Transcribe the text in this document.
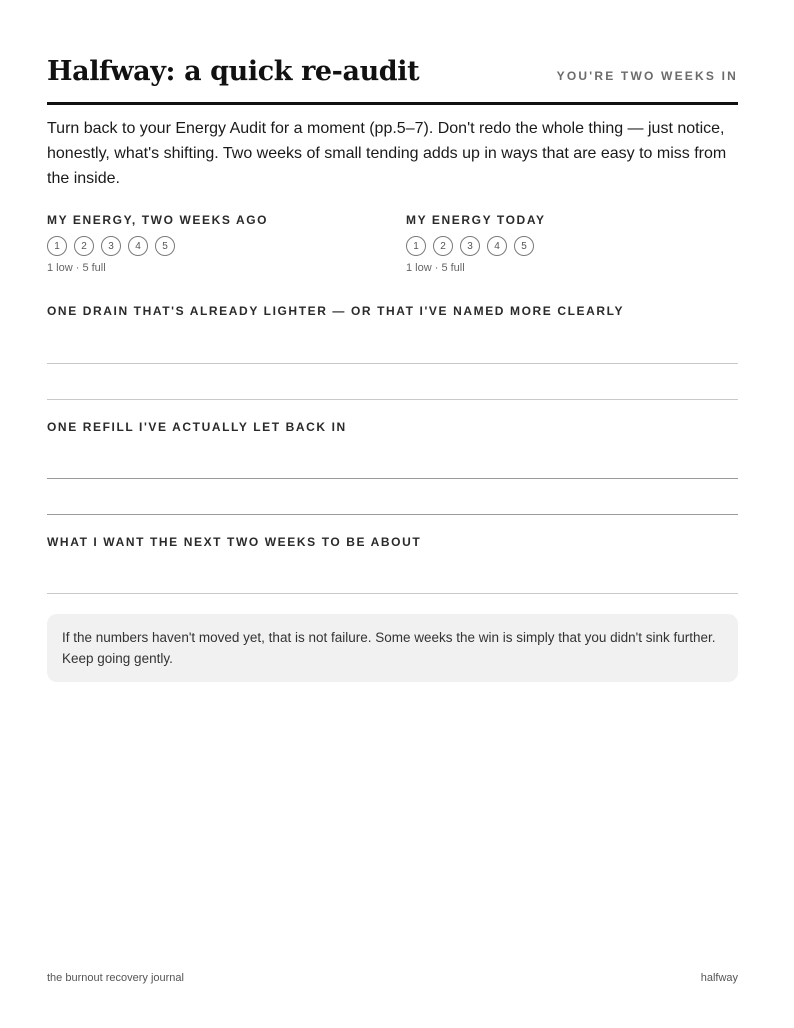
Halfway: a quick re-audit	YOU'RE TWO WEEKS IN

Turn back to your Energy Audit for a moment (pp.5–7). Don't redo the whole thing — just notice, honestly, what's shifting. Two weeks of small tending adds up in ways that are easy to miss from the inside.

MY ENERGY, TWO WEEKS AGO
1	2	3	4	5
1 low · 5 full
MY ENERGY TODAY
1	2	3	4	5
1 low · 5 full
ONE DRAIN THAT'S ALREADY LIGHTER — OR THAT I'VE NAMED MORE CLEARLY
ONE REFILL I'VE ACTUALLY LET BACK IN
WHAT I WANT THE NEXT TWO WEEKS TO BE ABOUT
If the numbers haven't moved yet, that is not failure. Some weeks the win is simply that you didn't sink further. Keep going gently.
the burnout recovery journal	halfway
